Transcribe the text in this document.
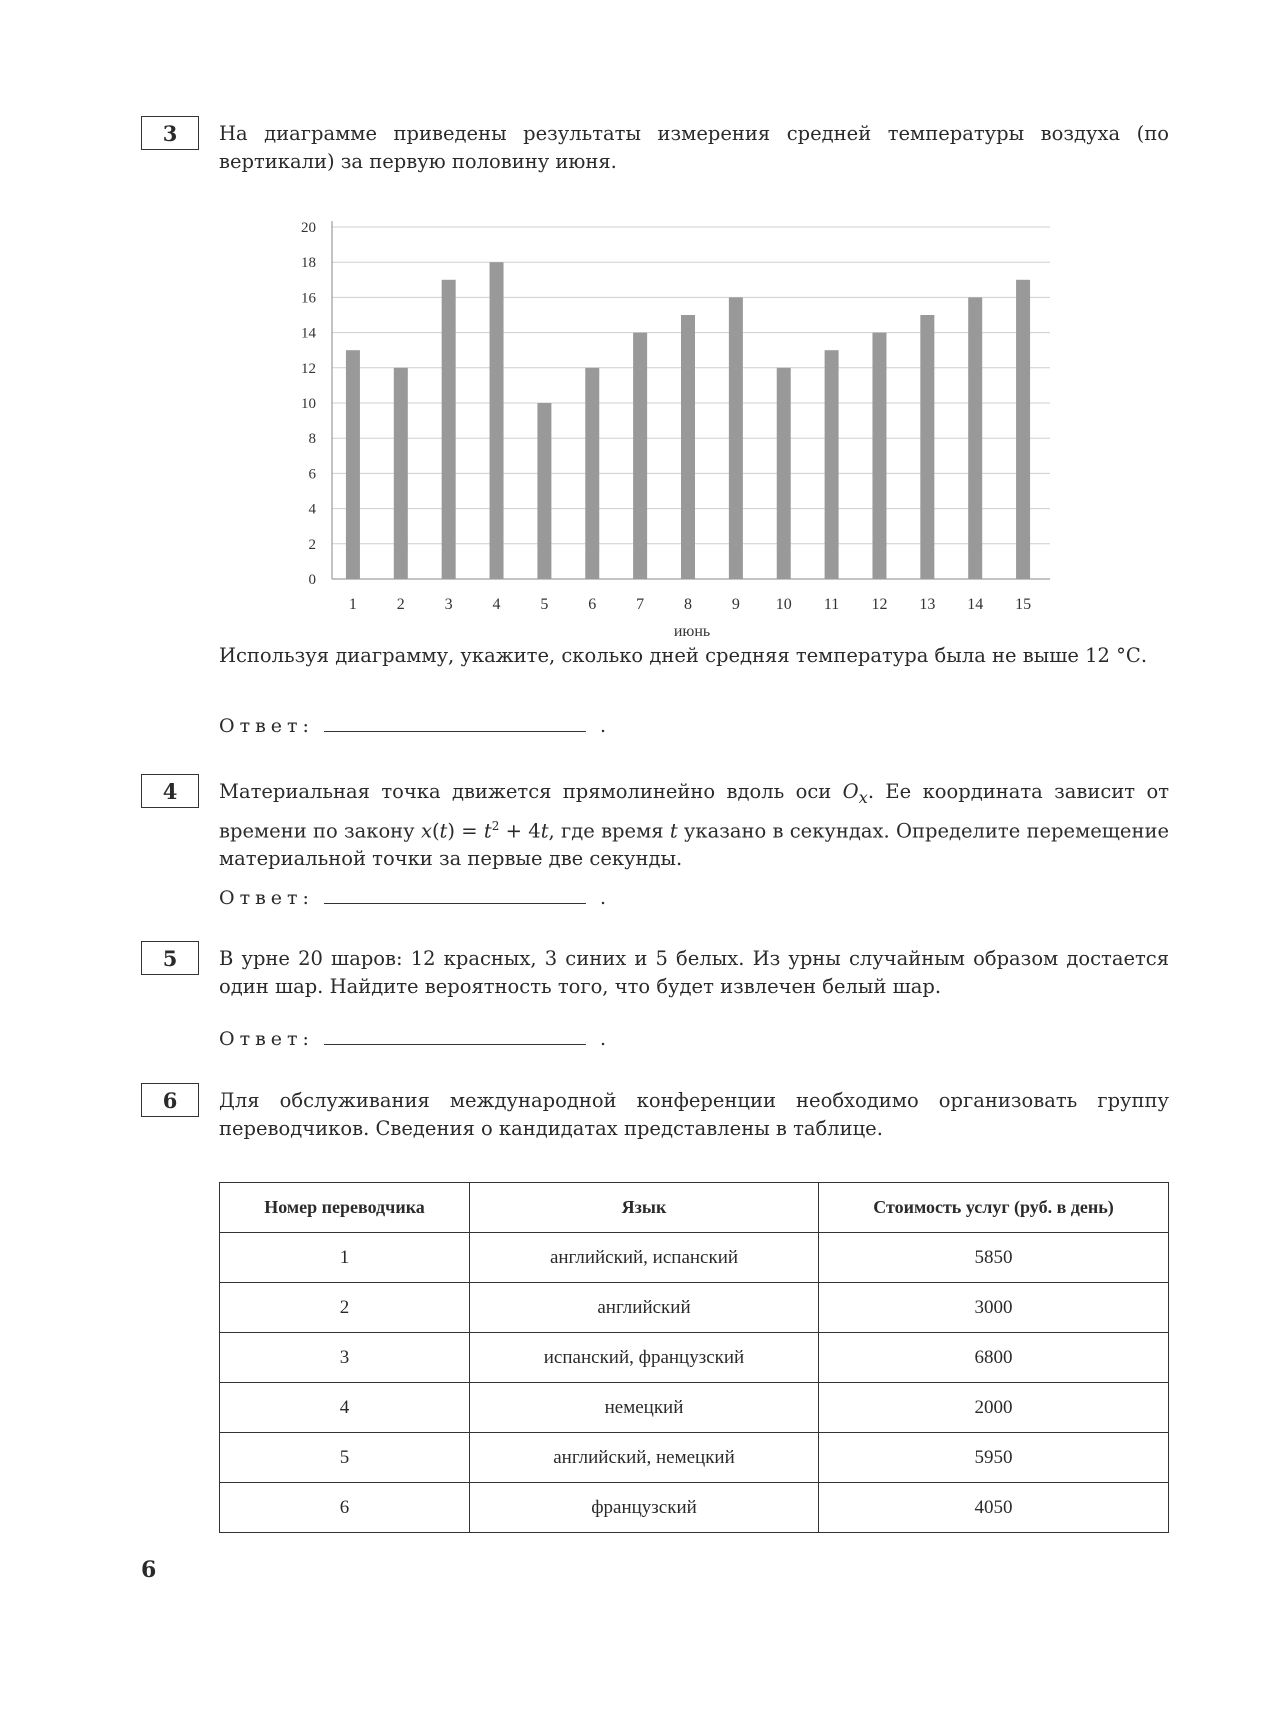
3 На диаграмме приведены результаты измерения средней температуры воздуха (по вертикали) за первую половину июня.

0
2
4
6
8
10
12
14
16
18
20
1 2 3 4 5 6 7 8 9 10 11 12 13 14 15
июнь

Используя диаграмму, укажите, сколько дней средняя температура была не выше 12 °С.

Ответ:	.
4 Материальная точка движется прямолинейно вдоль оси $O_x$. Ее координата зависит от времени по закону $x(t) = t^2 + 4t$, где время t указано в секундах. Определите перемещение материальной точки за первые две секунды.

Ответ:	.
5 В урне 20 шаров: 12 красных, 3 синих и 5 белых. Из урны случайным образом достается один шар. Найдите вероятность того, что будет извлечен белый шар.

Ответ:	.
6 Для обслуживания международной конференции необходимо организовать группу переводчиков. Сведения о кандидатах представлены в таблице.

Номер переводчика	Язык	Стоимость услуг (руб. в день)
1	английский, испанский	5850
2	английский	3000
3	испанский, французский	6800
4	немецкий	2000
5	английский, немецкий	5950
6	французский	4050
6
